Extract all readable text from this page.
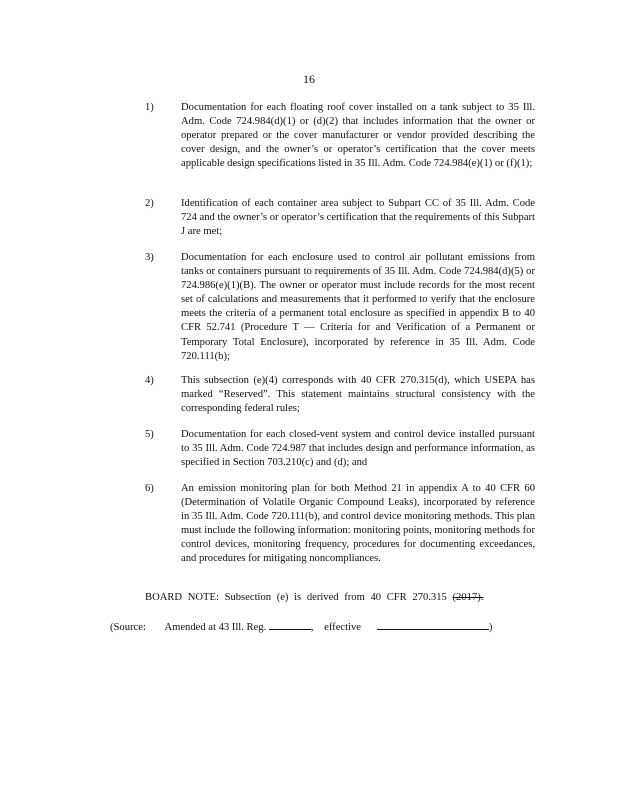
16
1)	Documentation for each floating roof cover installed on a tank subject to 35 Ill. Adm. Code 724.984(d)(1) or (d)(2) that includes information that the owner or operator prepared or the cover manufacturer or vendor provided describing the cover design, and the owner’s or operator’s certification that the cover meets applicable design specifications listed in 35 Ill. Adm. Code 724.984(e)(1) or (f)(1);
2)	Identification of each container area subject to Subpart CC of 35 Ill. Adm. Code 724 and the owner’s or operator’s certification that the requirements of this Subpart J are met;
3)	Documentation for each enclosure used to control air pollutant emissions from tanks or containers pursuant to requirements of 35 Ill. Adm. Code 724.984(d)(5) or 724.986(e)(1)(B). The owner or operator must include records for the most recent set of calculations and measurements that it performed to verify that the enclosure meets the criteria of a permanent total enclosure as specified in appendix B to 40 CFR 52.741 (Procedure T — Criteria for and Verification of a Permanent or Temporary Total Enclosure), incorporated by reference in 35 Ill. Adm. Code 720.111(b);
4)	This subsection (e)(4) corresponds with 40 CFR 270.315(d), which USEPA has marked “Reserved”. This statement maintains structural consistency with the corresponding federal rules;
5)	Documentation for each closed-vent system and control device installed pursuant to 35 Ill. Adm. Code 724.987 that includes design and performance information, as specified in Section 703.210(c) and (d); and
6)	An emission monitoring plan for both Method 21 in appendix A to 40 CFR 60 (Determination of Volatile Organic Compound Leaks), incorporated by reference in 35 Ill. Adm. Code 720.111(b), and control device monitoring methods. This plan must include the following information: monitoring points, monitoring methods for control devices, monitoring frequency, procedures for documenting exceedances, and procedures for mitigating noncompliances.
BOARD NOTE: Subsection (e) is derived from 40 CFR 270.315 (2017).
(Source: Amended at 43 Ill. Reg.	, effective	)
